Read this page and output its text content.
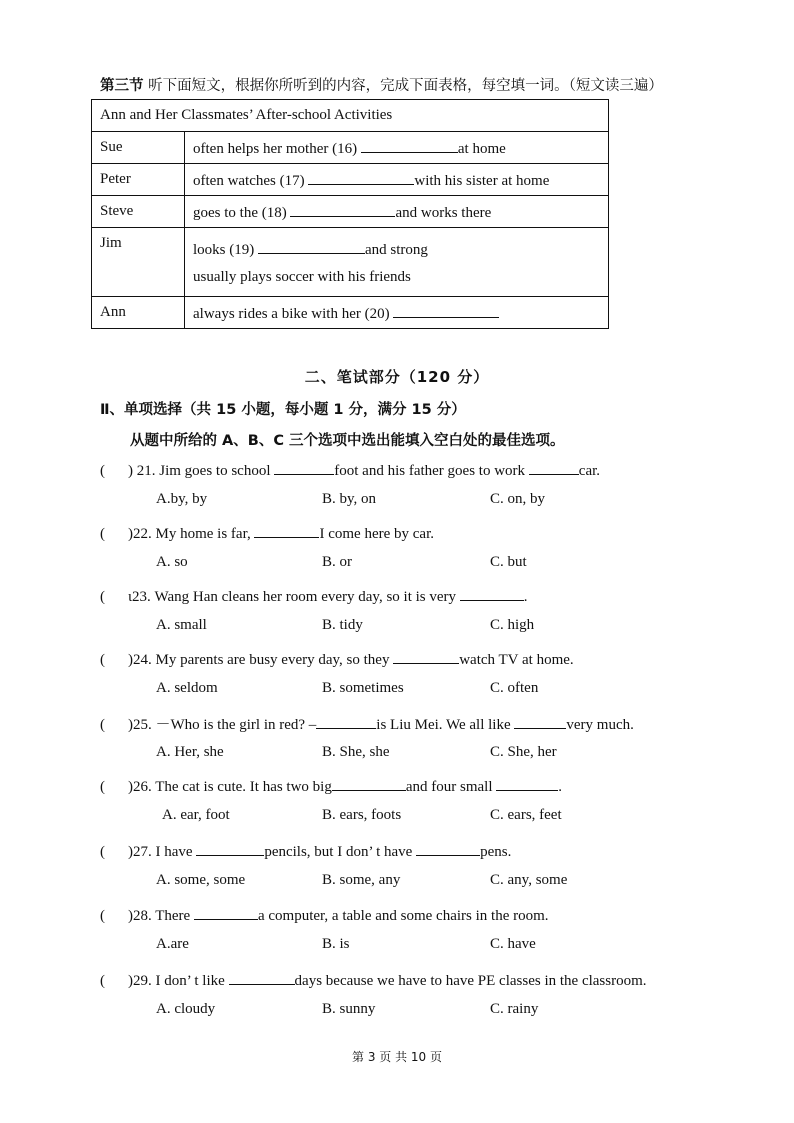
第三节 听下面短文，根据你所听到的内容，完成下面表格，每空填一词。（短文读三遍）
Ann and Her Classmates’ After-school Activities	
Sue	often helps her mother (16) at home
Peter	often watches (17) with his sister at home
Steve	goes to the (18) and works there
Jim	looks (19) and strong
usually plays soccer with his friends

Ann	always rides a bike with her (20)
二、笔试部分（120 分）
Ⅱ、单项选择（共 15 小题，每小题 1 分，满分 15 分）
从题中所给的 A、B、C 三个选项中选出能填入空白处的最佳选项。
( ) 21. Jim goes to school	foot and his father goes to work	car.
A.by, by	B. by, on	C. on, by
( )22. My home is far,	I come here by car.
A. so	B. or	C. but
( ι23. Wang Han cleans her room every day, so it is very	.
A. small	B. tidy	C. high
( )24. My parents are busy every day, so they	watch TV at home.
A. seldom	B. sometimes	C. often
( )25. －Who is the girl in red? –	is Liu Mei. We all like	very much.
A. Her, she	B. She, she	C. She, her
( )26. The cat is cute. It has two big	and four small	.
A. ear, foot	B. ears, foots	C. ears, feet
( )27. I have	pencils, but I don’ t have	pens.
A. some, some	B. some, any	C. any, some
( )28. There	a computer, a table and some chairs in the room.
A.are	B. is	C. have
( )29. I don’ t like	days because we have to have PE classes in the classroom.
A. cloudy	B. sunny	C. rainy
第 3 页 共 10 页
